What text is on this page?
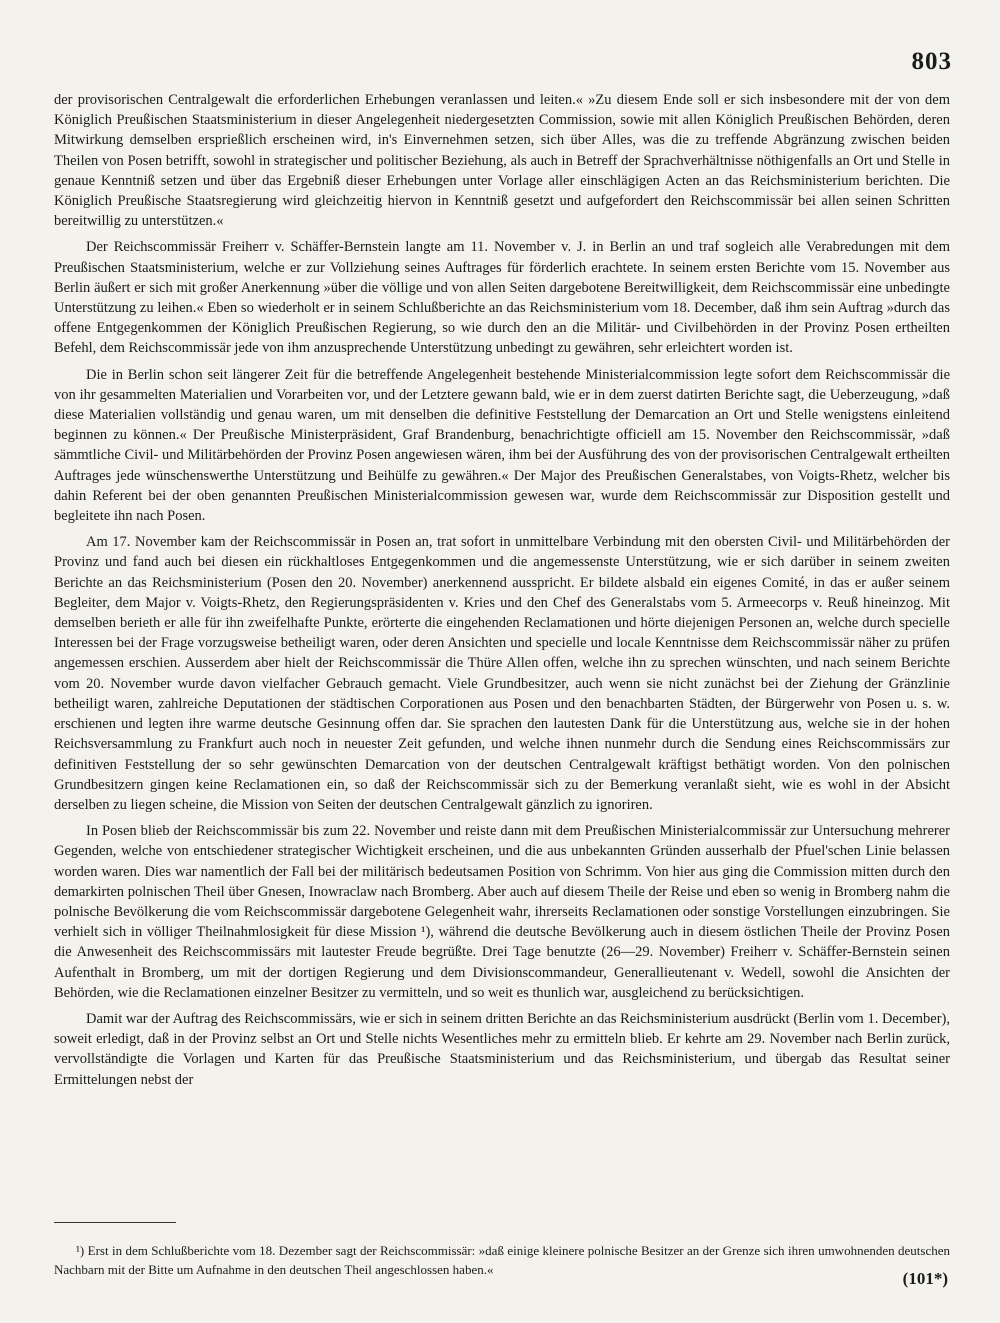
803

der provisorischen Centralgewalt die erforderlichen Erhebungen veranlassen und leiten.« »Zu diesem Ende soll er sich insbesondere mit der von dem Königlich Preußischen Staatsministerium in dieser Angelegenheit niedergesetzten Commission, sowie mit allen Königlich Preußischen Behörden, deren Mitwirkung demselben ersprießlich erscheinen wird, in's Einvernehmen setzen, sich über Alles, was die zu treffende Abgränzung zwischen beiden Theilen von Posen betrifft, sowohl in strategischer und politischer Beziehung, als auch in Betreff der Sprachverhältnisse nöthigenfalls an Ort und Stelle in genaue Kenntniß setzen und über das Ergebniß dieser Erhebungen unter Vorlage aller einschlägigen Acten an das Reichsministerium berichten. Die Königlich Preußische Staatsregierung wird gleichzeitig hiervon in Kenntniß gesetzt und aufgefordert den Reichscommissär bei allen seinen Schritten bereitwillig zu unterstützen.«

Der Reichscommissär Freiherr v. Schäffer-Bernstein langte am 11. November v. J. in Berlin an und traf sogleich alle Verabredungen mit dem Preußischen Staatsministerium, welche er zur Vollziehung seines Auftrages für förderlich erachtete. In seinem ersten Berichte vom 15. November aus Berlin äußert er sich mit großer Anerkennung »über die völlige und von allen Seiten dargebotene Bereitwilligkeit, dem Reichscommissär eine unbedingte Unterstützung zu leihen.« Eben so wiederholt er in seinem Schlußberichte an das Reichsministerium vom 18. December, daß ihm sein Auftrag »durch das offene Entgegenkommen der Königlich Preußischen Regierung, so wie durch den an die Militär- und Civilbehörden in der Provinz Posen ertheilten Befehl, dem Reichscommissär jede von ihm anzusprechende Unterstützung unbedingt zu gewähren, sehr erleichtert worden ist.

Die in Berlin schon seit längerer Zeit für die betreffende Angelegenheit bestehende Ministerialcommission legte sofort dem Reichscommissär die von ihr gesammelten Materialien und Vorarbeiten vor, und der Letztere gewann bald, wie er in dem zuerst datirten Berichte sagt, die Ueberzeugung, »daß diese Materialien vollständig und genau waren, um mit denselben die definitive Feststellung der Demarcation an Ort und Stelle wenigstens einleitend beginnen zu können.« Der Preußische Ministerpräsident, Graf Brandenburg, benachrichtigte officiell am 15. November den Reichscommissär, »daß sämmtliche Civil- und Militärbehörden der Provinz Posen angewiesen wären, ihm bei der Ausführung des von der provisorischen Centralgewalt ertheilten Auftrages jede wünschenswerthe Unterstützung und Beihülfe zu gewähren.« Der Major des Preußischen Generalstabes, von Voigts-Rhetz, welcher bis dahin Referent bei der oben genannten Preußischen Ministerialcommission gewesen war, wurde dem Reichscommissär zur Disposition gestellt und begleitete ihn nach Posen.

Am 17. November kam der Reichscommissär in Posen an, trat sofort in unmittelbare Verbindung mit den obersten Civil- und Militärbehörden der Provinz und fand auch bei diesen ein rückhaltloses Entgegenkommen und die angemessenste Unterstützung, wie er sich darüber in seinem zweiten Berichte an das Reichsministerium (Posen den 20. November) anerkennend ausspricht. Er bildete alsbald ein eigenes Comité, in das er außer seinem Begleiter, dem Major v. Voigts-Rhetz, den Regierungspräsidenten v. Kries und den Chef des Generalstabs vom 5. Armeecorps v. Reuß hineinzog. Mit demselben berieth er alle für ihn zweifelhafte Punkte, erörterte die eingehenden Reclamationen und hörte diejenigen Personen an, welche durch specielle Interessen bei der Frage vorzugsweise betheiligt waren, oder deren Ansichten und specielle und locale Kenntnisse dem Reichscommissär näher zu prüfen angemessen erschien. Ausserdem aber hielt der Reichscommissär die Thüre Allen offen, welche ihn zu sprechen wünschten, und nach seinem Berichte vom 20. November wurde davon vielfacher Gebrauch gemacht. Viele Grundbesitzer, auch wenn sie nicht zunächst bei der Ziehung der Gränzlinie betheiligt waren, zahlreiche Deputationen der städtischen Corporationen aus Posen und den benachbarten Städten, der Bürgerwehr von Posen u. s. w. erschienen und legten ihre warme deutsche Gesinnung offen dar. Sie sprachen den lautesten Dank für die Unterstützung aus, welche sie in der hohen Reichsversammlung zu Frankfurt auch noch in neuester Zeit gefunden, und welche ihnen nunmehr durch die Sendung eines Reichscommissärs zur definitiven Feststellung der so sehr gewünschten Demarcation von der deutschen Centralgewalt kräftigst bethätigt worden. Von den polnischen Grundbesitzern gingen keine Reclamationen ein, so daß der Reichscommissär sich zu der Bemerkung veranlaßt sieht, wie es wohl in der Absicht derselben zu liegen scheine, die Mission von Seiten der deutschen Centralgewalt gänzlich zu ignoriren.

In Posen blieb der Reichscommissär bis zum 22. November und reiste dann mit dem Preußischen Ministerialcommissär zur Untersuchung mehrerer Gegenden, welche von entschiedener strategischer Wichtigkeit erscheinen, und die aus unbekannten Gründen ausserhalb der Pfuel'schen Linie belassen worden waren. Dies war namentlich der Fall bei der militärisch bedeutsamen Position von Schrimm. Von hier aus ging die Commission mitten durch den demarkirten polnischen Theil über Gnesen, Inowraclaw nach Bromberg. Aber auch auf diesem Theile der Reise und eben so wenig in Bromberg nahm die polnische Bevölkerung die vom Reichscommissär dargebotene Gelegenheit wahr, ihrerseits Reclamationen oder sonstige Vorstellungen einzubringen. Sie verhielt sich in völliger Theilnahmlosigkeit für diese Mission ¹), während die deutsche Bevölkerung auch in diesem östlichen Theile der Provinz Posen die Anwesenheit des Reichscommissärs mit lautester Freude begrüßte. Drei Tage benutzte (26—29. November) Freiherr v. Schäffer-Bernstein seinen Aufenthalt in Bromberg, um mit der dortigen Regierung und dem Divisionscommandeur, Generallieutenant v. Wedell, sowohl die Ansichten der Behörden, wie die Reclamationen einzelner Besitzer zu vermitteln, und so weit es thunlich war, ausgleichend zu berücksichtigen.

Damit war der Auftrag des Reichscommissärs, wie er sich in seinem dritten Berichte an das Reichsministerium ausdrückt (Berlin vom 1. December), soweit erledigt, daß in der Provinz selbst an Ort und Stelle nichts Wesentliches mehr zu ermitteln blieb. Er kehrte am 29. November nach Berlin zurück, vervollständigte die Vorlagen und Karten für das Preußische Staatsministerium und das Reichsministerium, und übergab das Resultat seiner Ermittelungen nebst der

¹) Erst in dem Schlußberichte vom 18. Dezember sagt der Reichscommissär: »daß einige kleinere polnische Besitzer an der Grenze sich ihren umwohnenden deutschen Nachbarn mit der Bitte um Aufnahme in den deutschen Theil angeschlossen haben.«	(101*)
